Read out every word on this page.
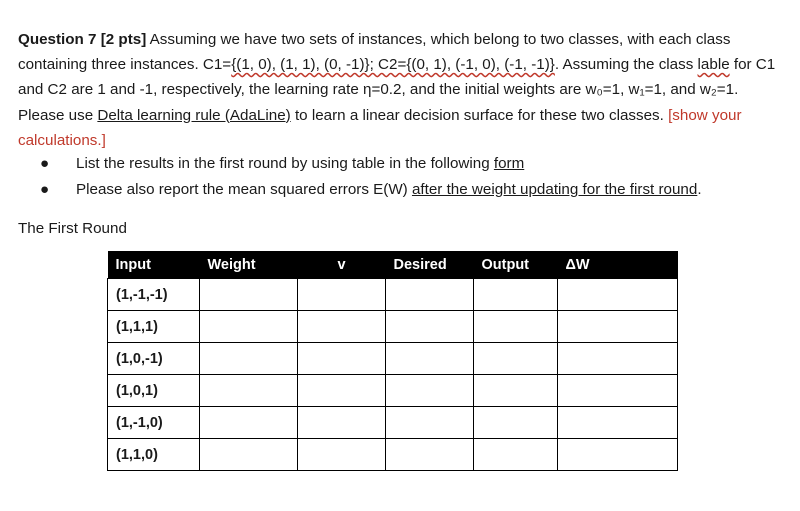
Question 7 [2 pts] Assuming we have two sets of instances, which belong to two classes, with each class containing three instances. C1={(1, 0), (1, 1), (0, -1)}; C2={(0, 1), (-1, 0), (-1, -1)}. Assuming the class lable for C1 and C2 are 1 and -1, respectively, the learning rate η=0.2, and the initial weights are w₀=1, w₁=1, and w₂=1. Please use Delta learning rule (AdaLine) to learn a linear decision surface for these two classes. [show your calculations.]
● List the results in the first round by using table in the following form
● Please also report the mean squared errors E(W) after the weight updating for the first round.
The First Round
Input	Weight	v	Desired	Output	ΔW
(1,-1,-1)					
(1,1,1)					
(1,0,-1)					
(1,0,1)					
(1,-1,0)					
(1,1,0)					
